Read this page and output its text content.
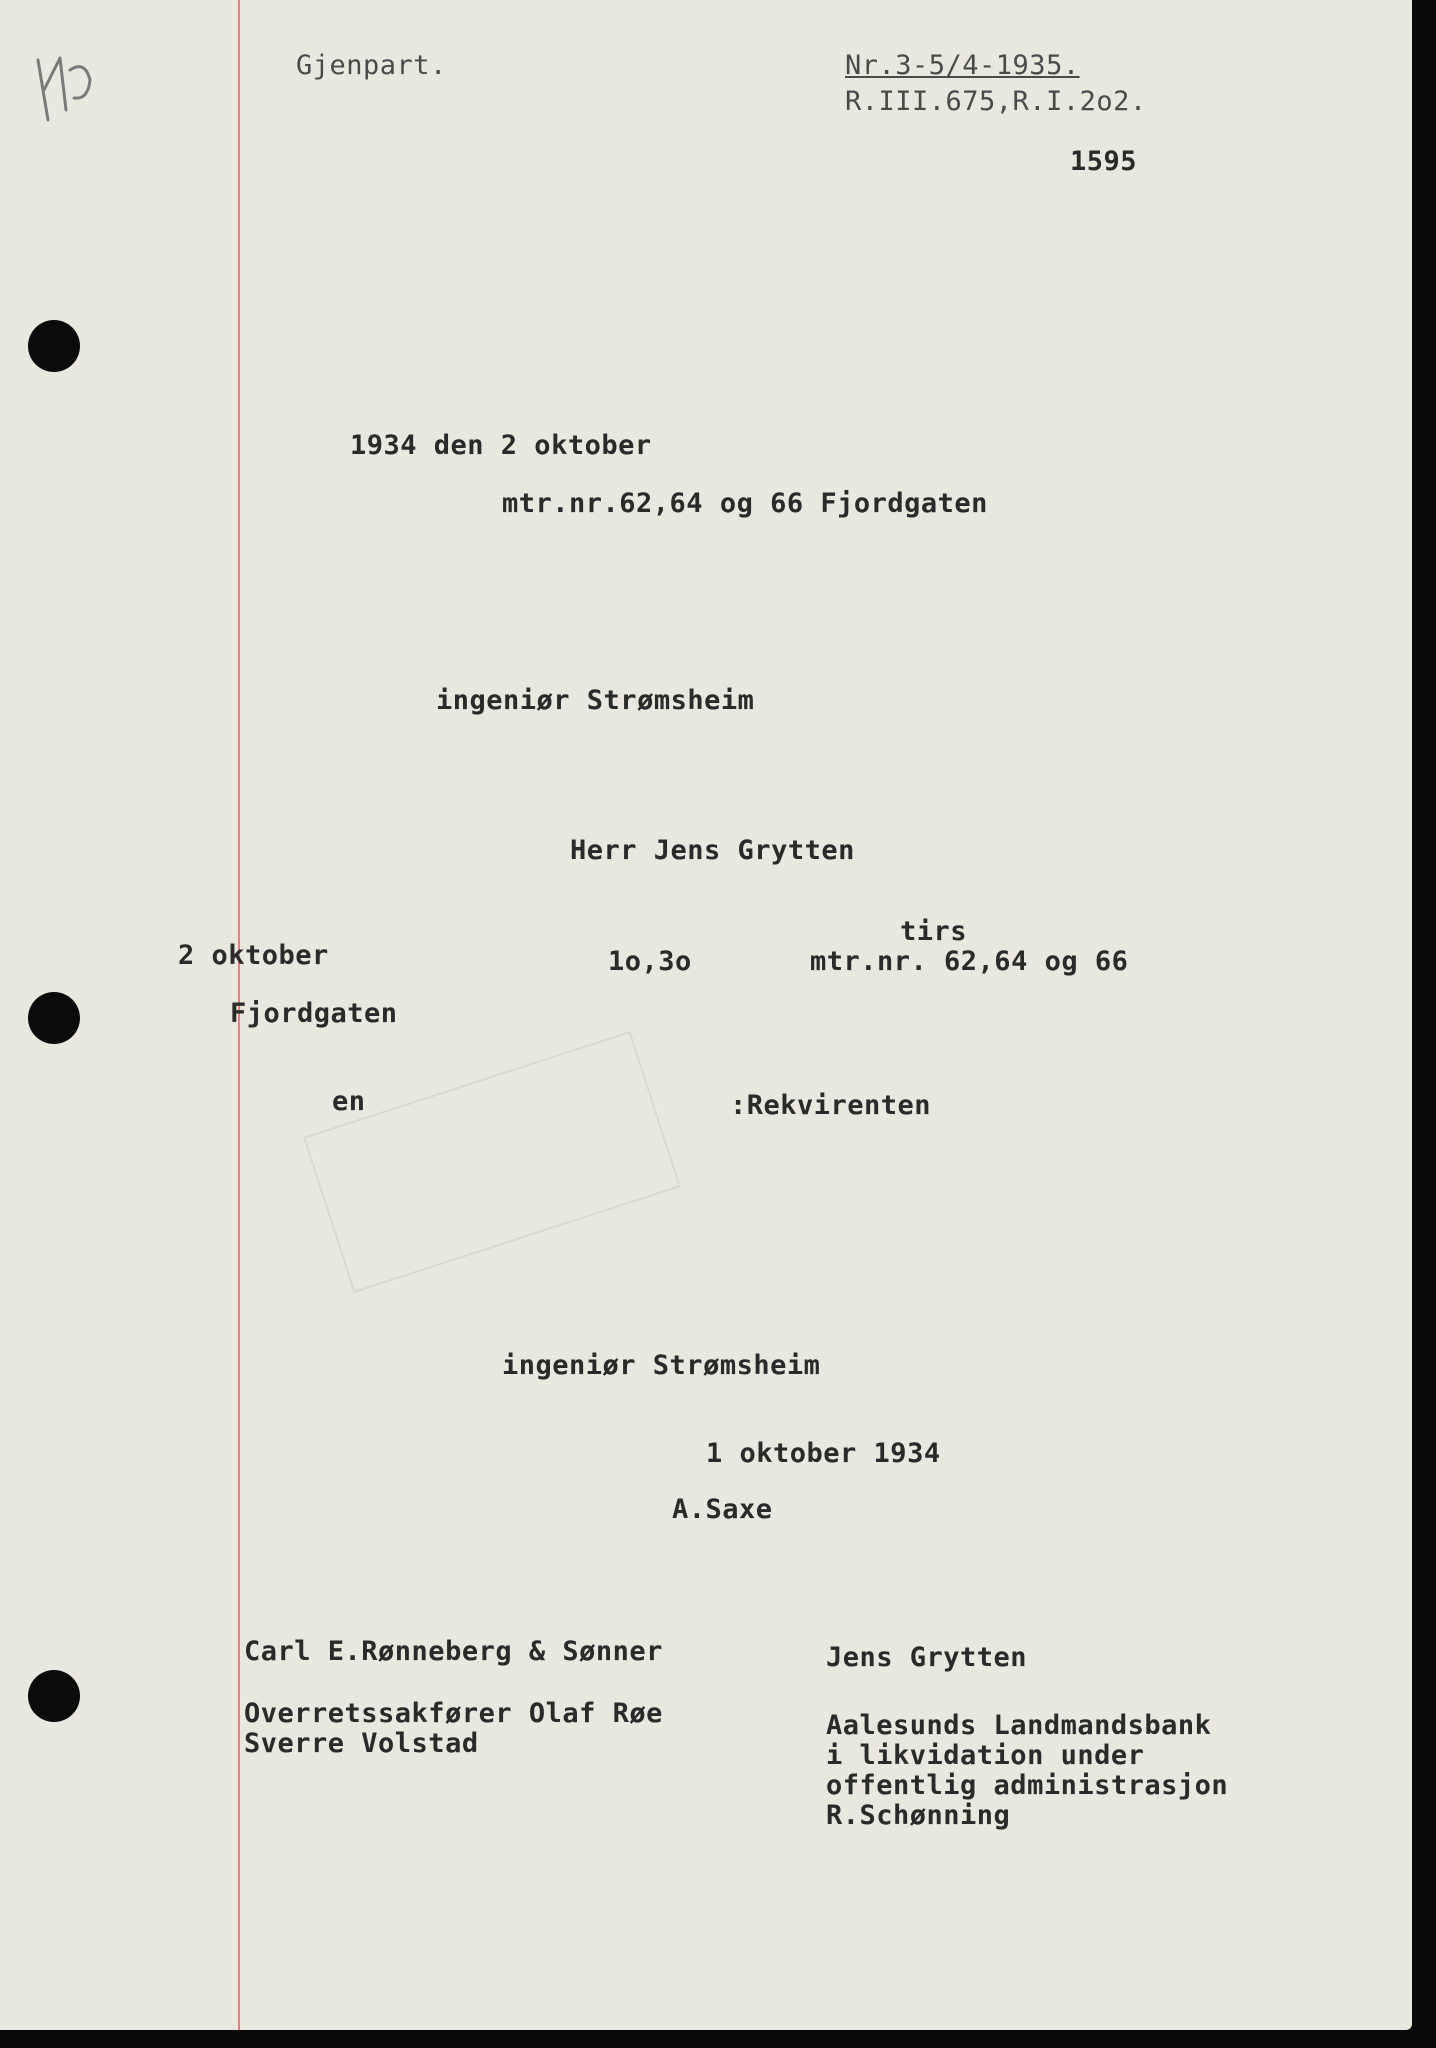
Gjenpart.	Nr.3-5/4-1935.

R.III.675,R.I.2o2.

1595

1934 den 2 oktober

mtr.nr.62,64 og 66 Fjordgaten

ingeniør Strømsheim

Herr Jens Grytten

tirs

2 oktober	1o,3o	mtr.nr. 62,64 og 66

Fjordgaten

en	:Rekvirenten

ingeniør Strømsheim

1 oktober 1934

A.Saxe

Carl E.Rønneberg & Sønner

Overretssakfører Olaf Røe

Sverre Volstad

Jens Grytten

Aalesunds Landmandsbank

i likvidation under

offentlig administrasjon

R.Schønning
